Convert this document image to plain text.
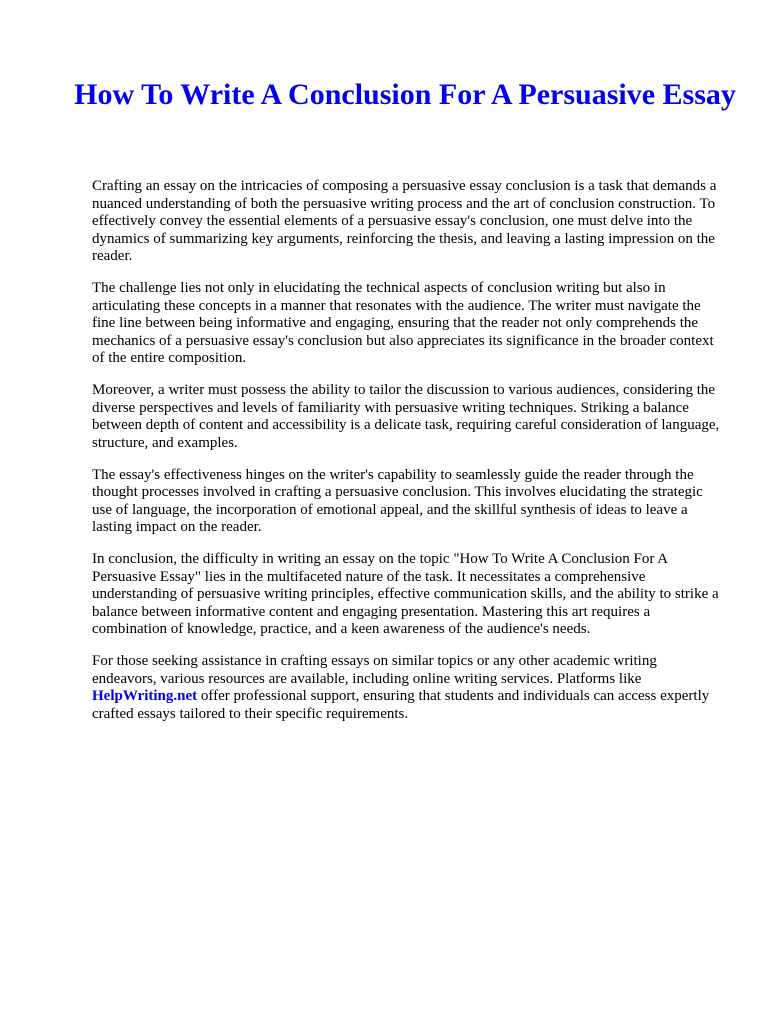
How To Write A Conclusion For A Persuasive Essay

Crafting an essay on the intricacies of composing a persuasive essay conclusion is a task that demands a nuanced understanding of both the persuasive writing process and the art of conclusion construction. To effectively convey the essential elements of a persuasive essay's conclusion, one must delve into the dynamics of summarizing key arguments, reinforcing the thesis, and leaving a lasting impression on the reader.

The challenge lies not only in elucidating the technical aspects of conclusion writing but also in articulating these concepts in a manner that resonates with the audience. The writer must navigate the fine line between being informative and engaging, ensuring that the reader not only comprehends the mechanics of a persuasive essay's conclusion but also appreciates its significance in the broader context of the entire composition.

Moreover, a writer must possess the ability to tailor the discussion to various audiences, considering the diverse perspectives and levels of familiarity with persuasive writing techniques. Striking a balance between depth of content and accessibility is a delicate task, requiring careful consideration of language, structure, and examples.

The essay's effectiveness hinges on the writer's capability to seamlessly guide the reader through the thought processes involved in crafting a persuasive conclusion. This involves elucidating the strategic use of language, the incorporation of emotional appeal, and the skillful synthesis of ideas to leave a lasting impact on the reader.

In conclusion, the difficulty in writing an essay on the topic "How To Write A Conclusion For A Persuasive Essay" lies in the multifaceted nature of the task. It necessitates a comprehensive understanding of persuasive writing principles, effective communication skills, and the ability to strike a balance between informative content and engaging presentation. Mastering this art requires a combination of knowledge, practice, and a keen awareness of the audience's needs.

For those seeking assistance in crafting essays on similar topics or any other academic writing endeavors, various resources are available, including online writing services. Platforms like HelpWriting.net offer professional support, ensuring that students and individuals can access expertly crafted essays tailored to their specific requirements.
